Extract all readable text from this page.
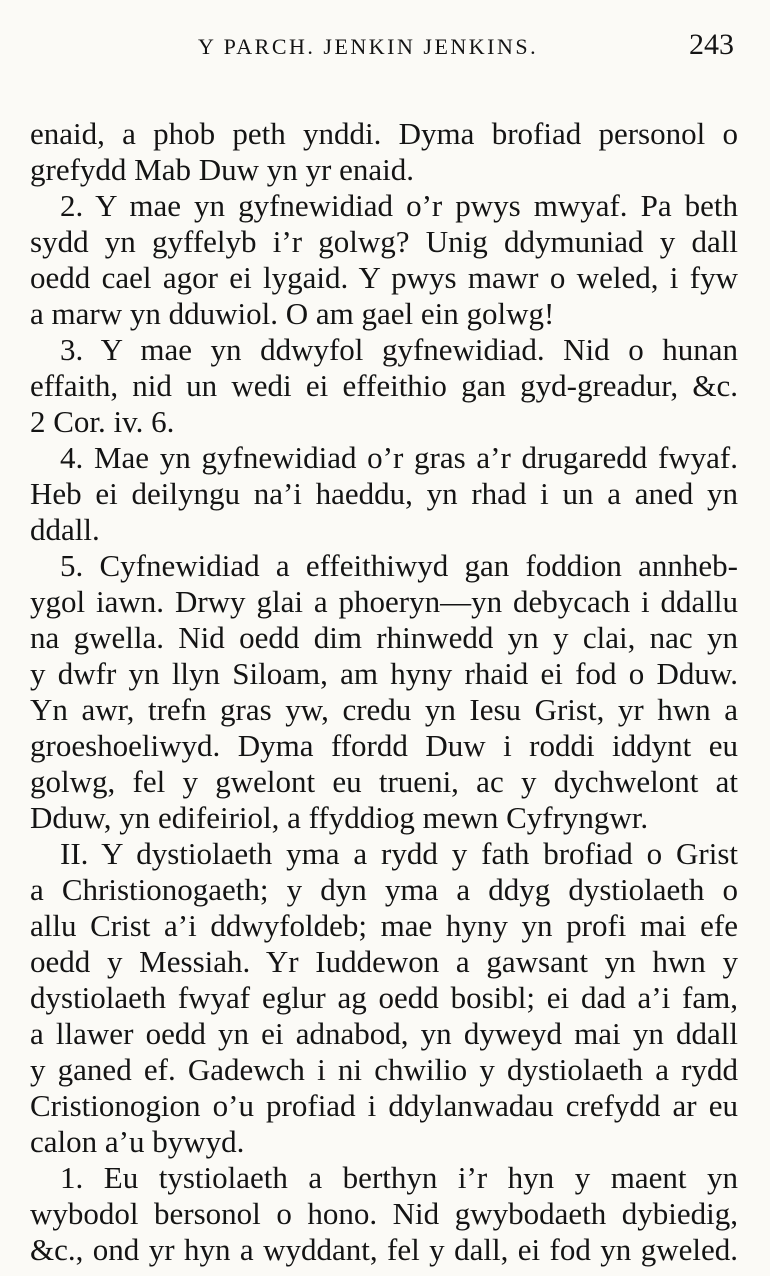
Y PARCH. JENKIN JENKINS.	243
enaid, a phob peth ynddi. Dyma brofiad personol o
grefydd Mab Duw yn yr enaid.
2. Y mae yn gyfnewidiad o’r pwys mwyaf. Pa beth
sydd yn gyffelyb i’r golwg? Unig ddymuniad y dall
oedd cael agor ei lygaid. Y pwys mawr o weled, i fyw
a marw yn dduwiol. O am gael ein golwg!
3. Y mae yn ddwyfol gyfnewidiad. Nid o hunan
effaith, nid un wedi ei effeithio gan gyd-greadur, &c.
2 Cor. iv. 6.
4. Mae yn gyfnewidiad o’r gras a’r drugaredd fwyaf.
Heb ei deilyngu na’i haeddu, yn rhad i un a aned yn
ddall.
5. Cyfnewidiad a effeithiwyd gan foddion annheb-
ygol iawn. Drwy glai a phoeryn—yn debycach i ddallu
na gwella. Nid oedd dim rhinwedd yn y clai, nac yn
y dwfr yn llyn Siloam, am hyny rhaid ei fod o Dduw.
Yn awr, trefn gras yw, credu yn Iesu Grist, yr hwn a
groeshoeliwyd. Dyma ffordd Duw i roddi iddynt eu
golwg, fel y gwelont eu trueni, ac y dychwelont at
Dduw, yn edifeiriol, a ffyddiog mewn Cyfryngwr.
II. Y dystiolaeth yma a rydd y fath brofiad o Grist
a Christionogaeth; y dyn yma a ddyg dystiolaeth o
allu Crist a’i ddwyfoldeb; mae hyny yn profi mai efe
oedd y Messiah. Yr Iuddewon a gawsant yn hwn y
dystiolaeth fwyaf eglur ag oedd bosibl; ei dad a’i fam,
a llawer oedd yn ei adnabod, yn dyweyd mai yn ddall
y ganed ef. Gadewch i ni chwilio y dystiolaeth a rydd
Cristionogion o’u profiad i ddylanwadau crefydd ar eu
calon a’u bywyd.
1. Eu tystiolaeth a berthyn i’r hyn y maent yn
wybodol bersonol o hono. Nid gwybodaeth dybiedig,
&c., ond yr hyn a wyddant, fel y dall, ei fod yn gweled.
